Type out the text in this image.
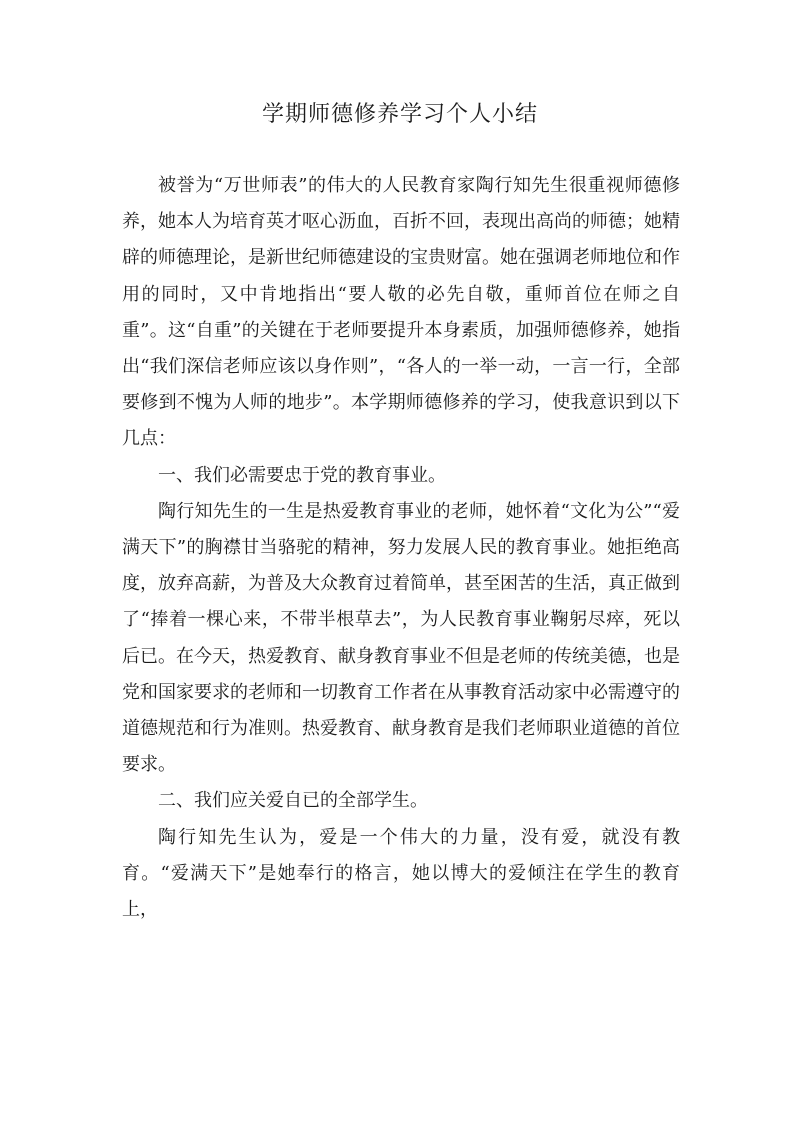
学期师德修养学习个人小结

被誉为“万世师表”的伟大的人民教育家陶行知先生很重视师德修养，她本人为培育英才呕心沥血，百折不回，表现出高尚的师德；她精辟的师德理论，是新世纪师德建设的宝贵财富。她在强调老师地位和作用的同时，又中肯地指出“要人敬的必先自敬，重师首位在师之自重”。这“自重”的关键在于老师要提升本身素质，加强师德修养，她指出“我们深信老师应该以身作则”，“各人的一举一动，一言一行，全部要修到不愧为人师的地步”。本学期师德修养的学习，使我意识到以下几点：

一、我们必需要忠于党的教育事业。

陶行知先生的一生是热爱教育事业的老师，她怀着“文化为公”“爱满天下”的胸襟甘当骆驼的精神，努力发展人民的教育事业。她拒绝高度，放弃高薪，为普及大众教育过着简单，甚至困苦的生活，真正做到了“捧着一棵心来，不带半根草去”，为人民教育事业鞠躬尽瘁，死以后已。在今天，热爱教育、献身教育事业不但是老师的传统美德，也是党和国家要求的老师和一切教育工作者在从事教育活动家中必需遵守的道德规范和行为准则。热爱教育、献身教育是我们老师职业道德的首位要求。

二、我们应关爱自已的全部学生。

陶行知先生认为，爱是一个伟大的力量，没有爱，就没有教育。“爱满天下”是她奉行的格言，她以博大的爱倾注在学生的教育上，
